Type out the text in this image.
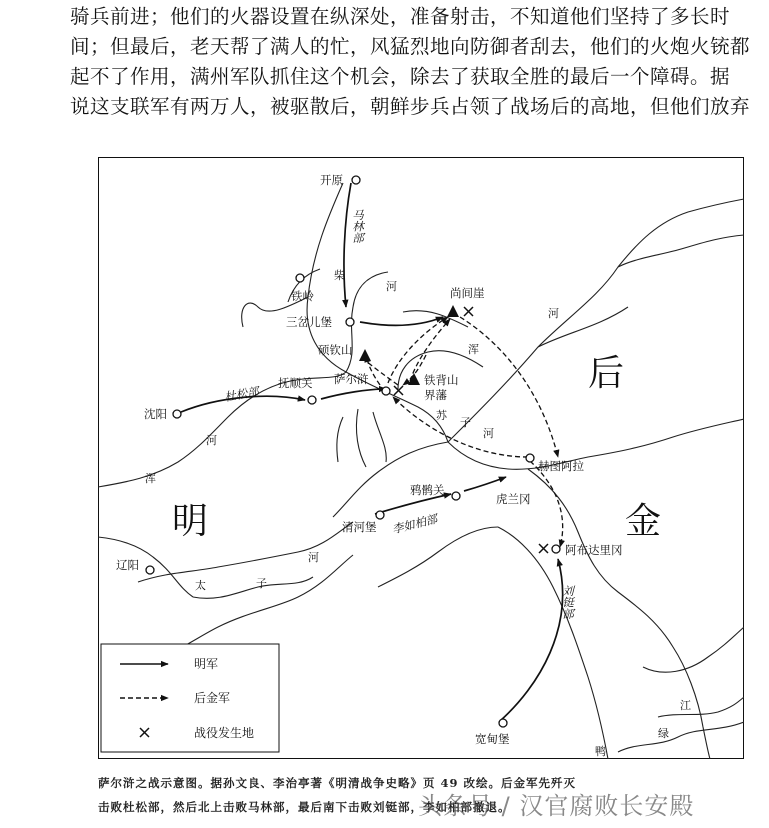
骑兵前进；他们的火器设置在纵深处，准备射击，不知道他们坚持了多长时
间；但最后，老天帮了满人的忙，风猛烈地向防御者刮去，他们的火炮火铳都
起不了作用，满州军队抓住这个机会，除去了获取全胜的最后一个障碍。据
说这支联军有两万人，被驱散后，朝鲜步兵占领了战场后的高地，但他们放弃
开原
铁岭
三岔儿堡
尚间崖
硕钦山
抚顺关 萨尔浒	铁背山
界藩
沈阳
赫图阿拉
鸦鹘关
虎兰冈
清河堡
辽阳
阿布达里冈
宽甸堡
马林部
杜松部
李如柏部
刘铤部
柴
河
河
浑
苏
子
河
河
浑
河
太	子
江
绿
鸭
明
后
金
明军
后金军
战役发生地
萨尔浒之战示意图。据孙文良、李治亭著《明清战争史略》页 49 改绘。后金军先歼灭
击败杜松部，然后北上击败马林部，最后南下击败刘铤部，李如柏部撤退。
头条号 / 汉官腐败长安殿
